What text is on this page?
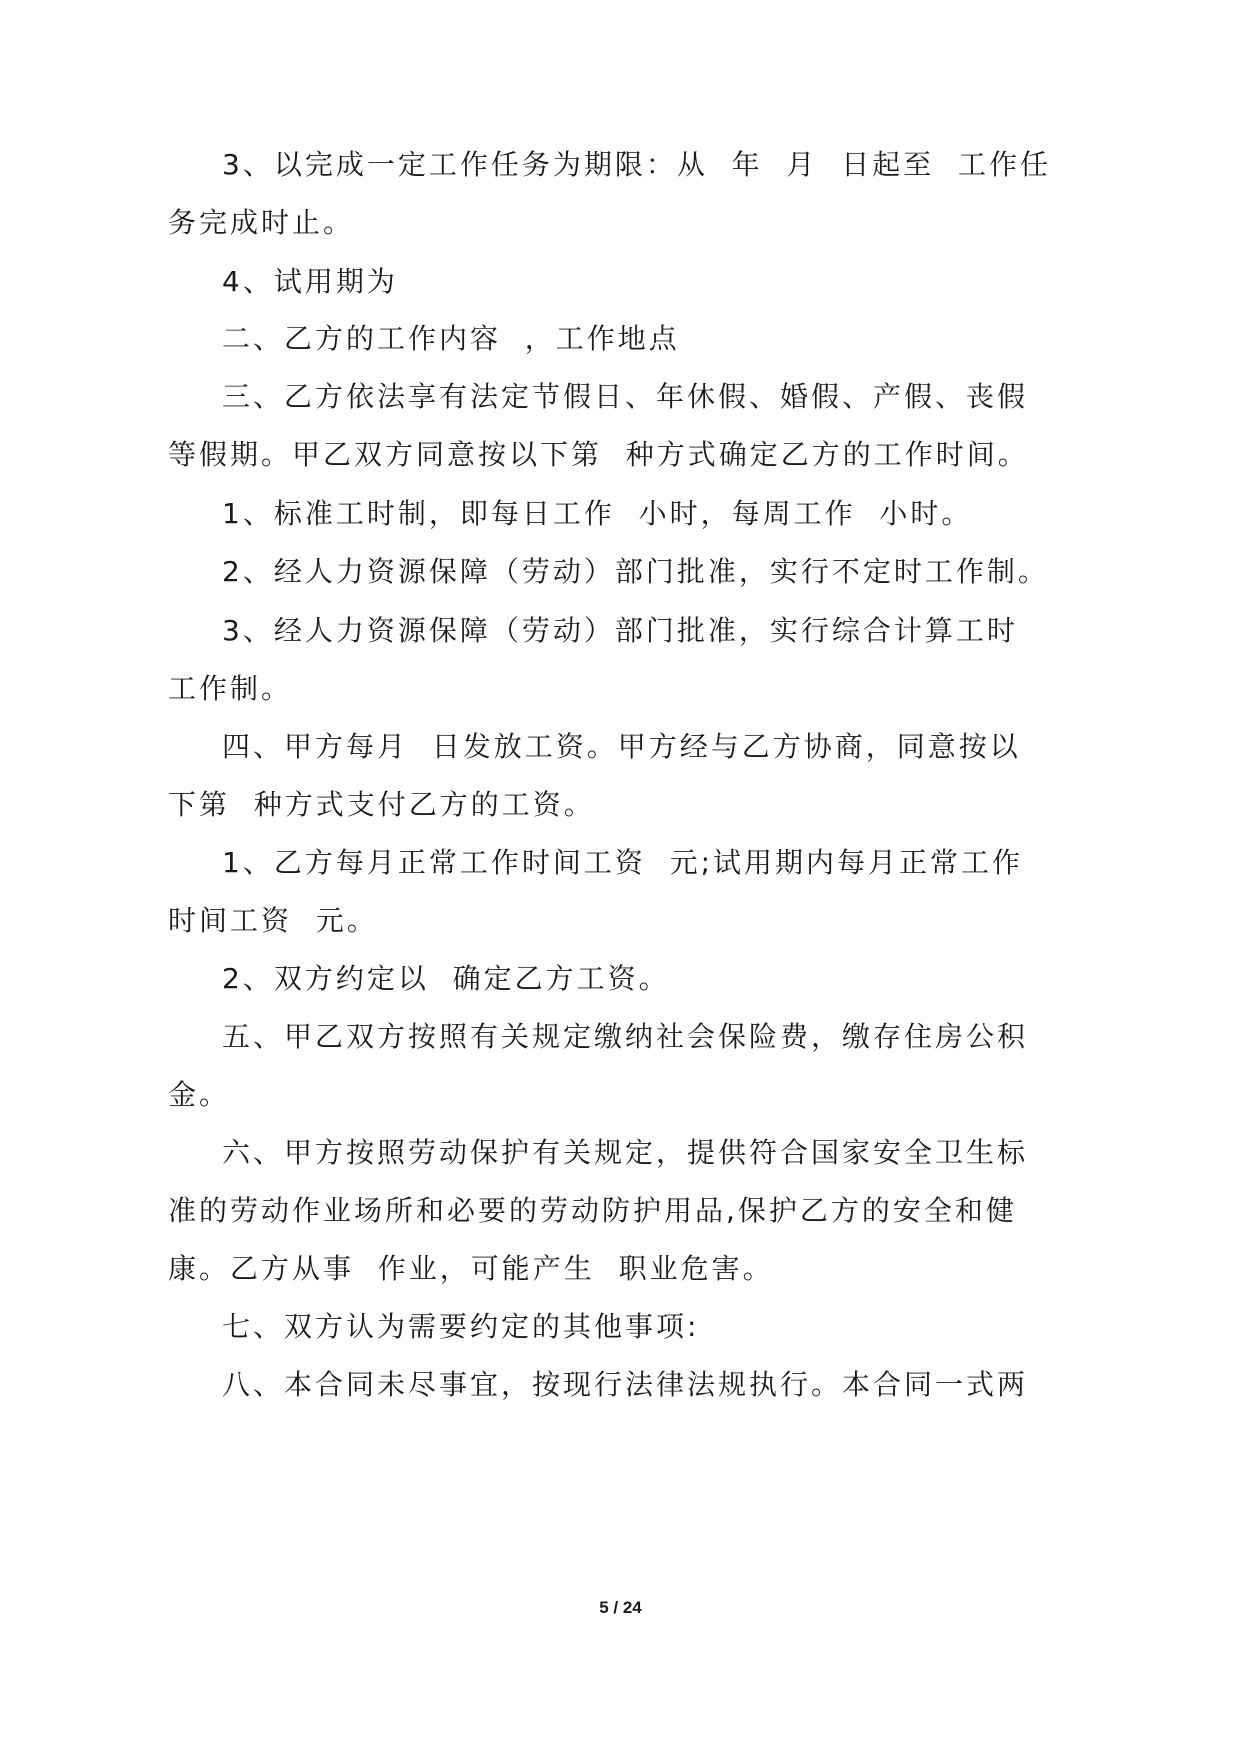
3、以完成一定工作任务为期限：从  年  月  日起至  工作任
务完成时止。
4、试用期为
二、乙方的工作内容  ，工作地点
三、乙方依法享有法定节假日、年休假、婚假、产假、丧假
等假期。甲乙双方同意按以下第  种方式确定乙方的工作时间。
1、标准工时制，即每日工作  小时，每周工作  小时。
2、经人力资源保障（劳动）部门批准，实行不定时工作制。
3、经人力资源保障（劳动）部门批准，实行综合计算工时
工作制。
四、甲方每月  日发放工资。甲方经与乙方协商，同意按以
下第  种方式支付乙方的工资。
1、乙方每月正常工作时间工资  元;试用期内每月正常工作
时间工资  元。
2、双方约定以  确定乙方工资。
五、甲乙双方按照有关规定缴纳社会保险费，缴存住房公积
金。
六、甲方按照劳动保护有关规定，提供符合国家安全卫生标
准的劳动作业场所和必要的劳动防护用品,保护乙方的安全和健
康。乙方从事  作业，可能产生  职业危害。
七、双方认为需要约定的其他事项:
八、本合同未尽事宜，按现行法律法规执行。本合同一式两
5 / 24
